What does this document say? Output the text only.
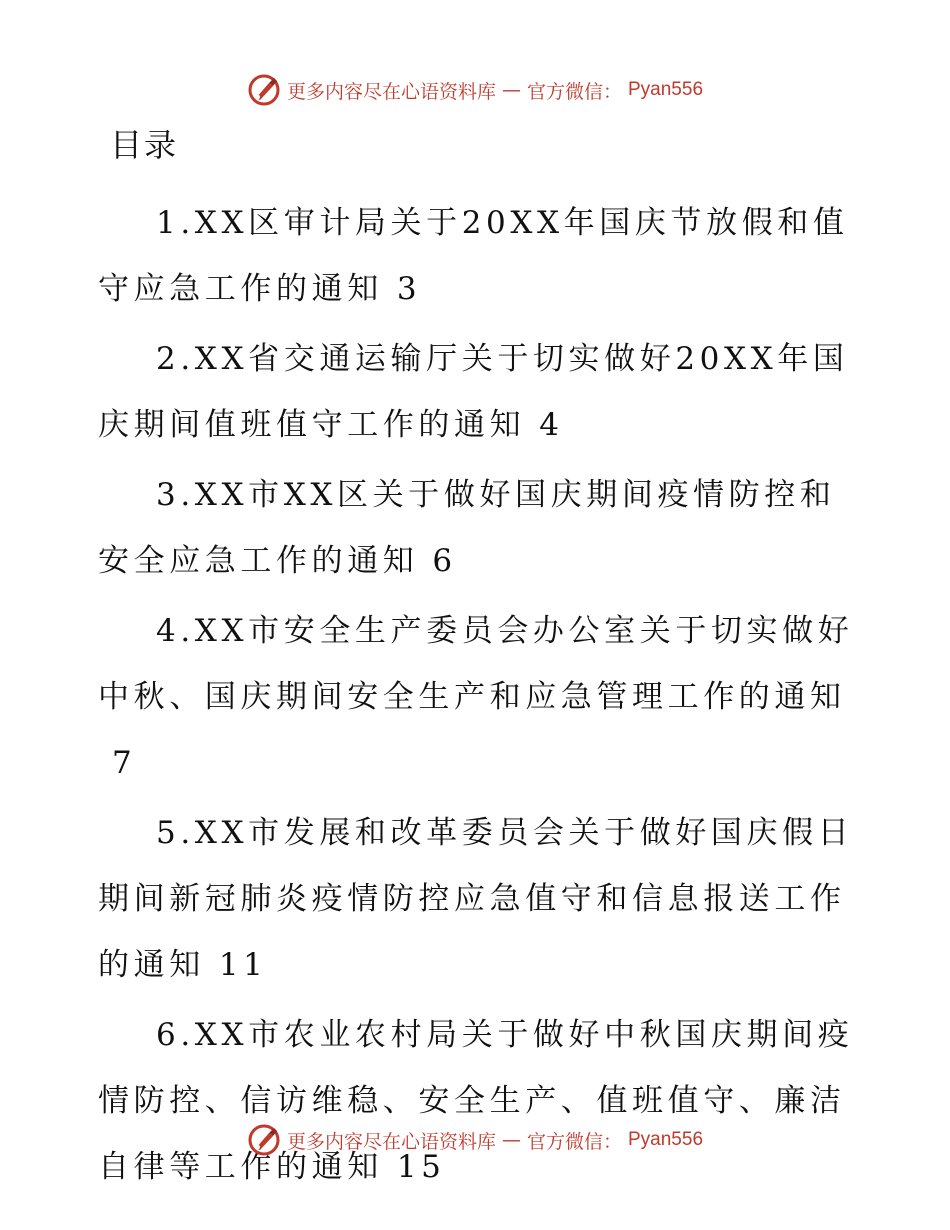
更多内容尽在心语资料库 — 官方微信： Pyan556
目录
1.XX区审计局关于20XX年国庆节放假和值守应急工作的通知 3
2.XX省交通运输厅关于切实做好20XX年国庆期间值班值守工作的通知 4
3.XX市XX区关于做好国庆期间疫情防控和安全应急工作的通知 6
4.XX市安全生产委员会办公室关于切实做好中秋、国庆期间安全生产和应急管理工作的通知7
5.XX市发展和改革委员会关于做好国庆假日期间新冠肺炎疫情防控应急值守和信息报送工作的通知 11
6.XX市农业农村局关于做好中秋国庆期间疫情防控、信访维稳、安全生产、值班值守、廉洁自律等工作的通知 15
更多内容尽在心语资料库 — 官方微信： Pyan556
